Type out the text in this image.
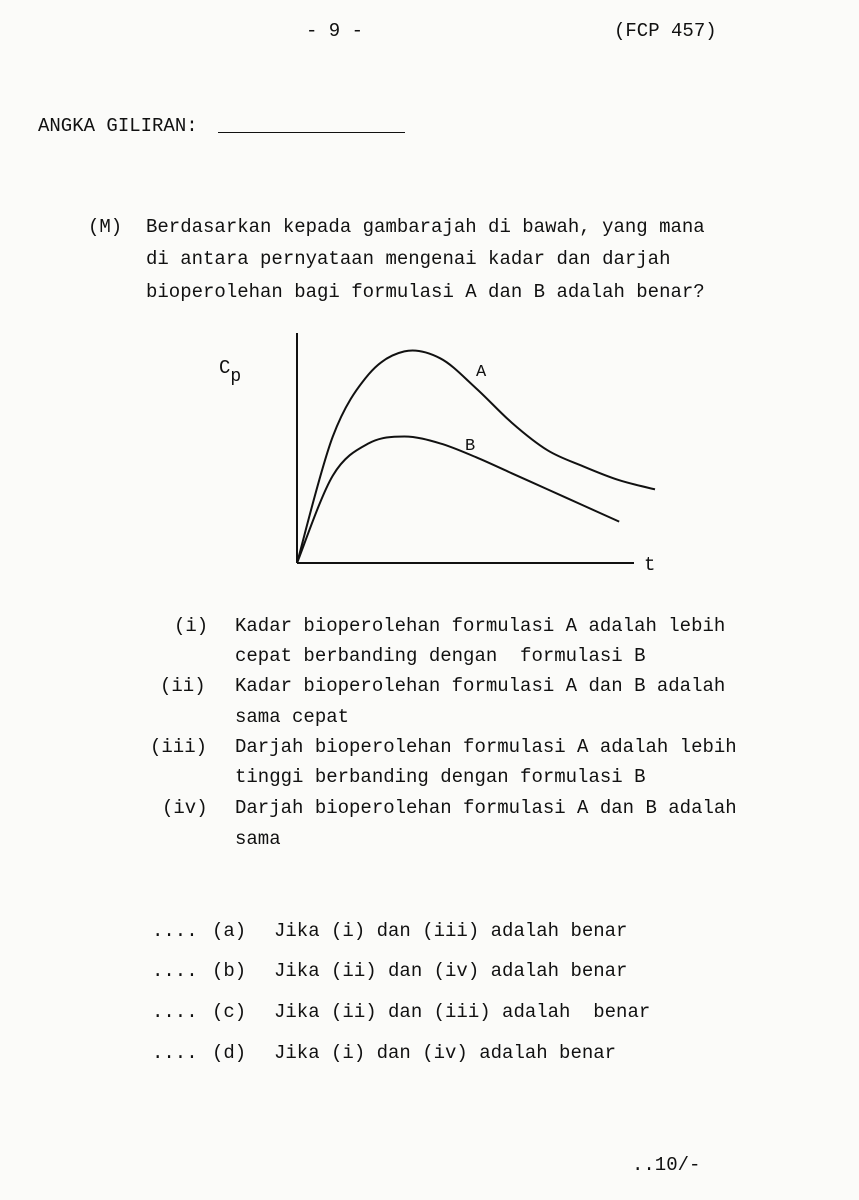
- 9 -	(FCP 457)
ANGKA GILIRAN:
(M) Berdasarkan kepada gambarajah di bawah, yang mana
di antara pernyataan mengenai kadar dan darjah
bioperolehan bagi formulasi A dan B adalah benar?
Cp
t
A
B
(i) Kadar bioperolehan formulasi A adalah lebih
cepat berbanding dengan  formulasi B
(ii) Kadar bioperolehan formulasi A dan B adalah
sama cepat
(iii) Darjah bioperolehan formulasi A adalah lebih
tinggi berbanding dengan formulasi B
(iv) Darjah bioperolehan formulasi A dan B adalah
sama
.... (a) Jika (i) dan (iii) adalah benar
.... (b) Jika (ii) dan (iv) adalah benar
.... (c) Jika (ii) dan (iii) adalah  benar
.... (d) Jika (i) dan (iv) adalah benar
..10/-
